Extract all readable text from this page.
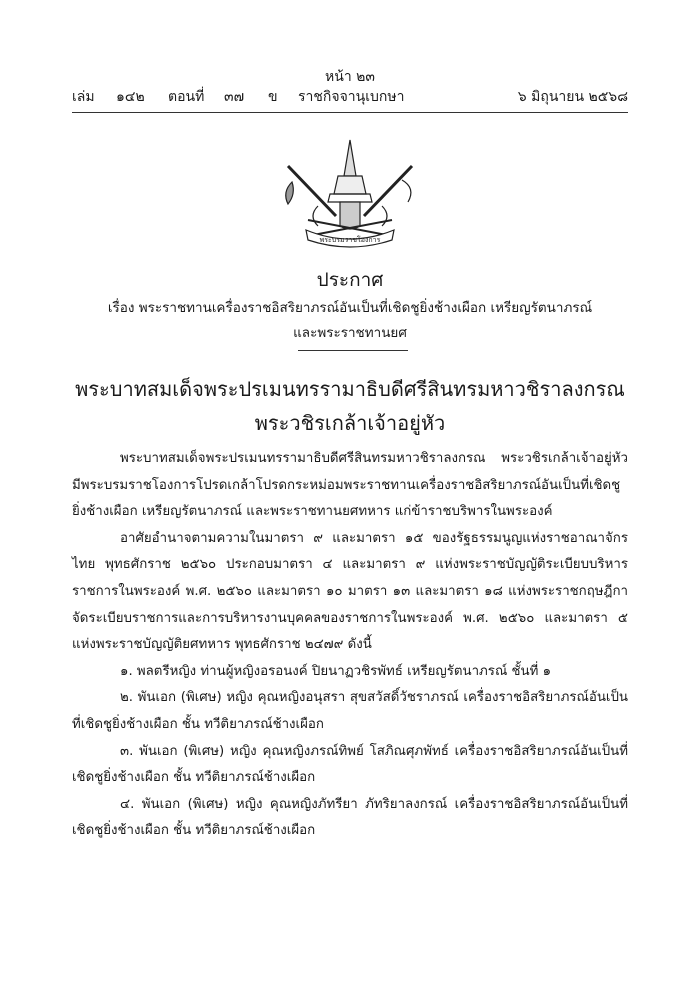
หน้า ๒๓
เล่ม ๑๔๒ ตอนที่ ๓๗ ข ราชกิจจานุเบกษา	๖ มิถุนายน ๒๕๖๘
พระบรมราชโองการ
ประกาศ
เรื่อง พระราชทานเครื่องราชอิสริยาภรณ์อันเป็นที่เชิดชูยิ่งช้างเผือก เหรียญรัตนาภรณ์
และพระราชทานยศ
พระบาทสมเด็จพระปรเมนทรรามาธิบดีศรีสินทรมหาวชิราลงกรณ
พระวชิรเกล้าเจ้าอยู่หัว

พระบาทสมเด็จพระปรเมนทรรามาธิบดีศรีสินทรมหาวชิราลงกรณ พระวชิรเกล้าเจ้าอยู่หัว มีพระบรมราชโองการโปรดเกล้าโปรดกระหม่อมพระราชทานเครื่องราชอิสริยาภรณ์อันเป็นที่เชิดชูยิ่งช้างเผือก เหรียญรัตนาภรณ์ และพระราชทานยศทหาร แก่ข้าราชบริพารในพระองค์

อาศัยอำนาจตามความในมาตรา ๙ และมาตรา ๑๕ ของรัฐธรรมนูญแห่งราชอาณาจักรไทย พุทธศักราช ๒๕๖๐ ประกอบมาตรา ๔ และมาตรา ๙ แห่งพระราชบัญญัติระเบียบบริหารราชการในพระองค์ พ.ศ. ๒๕๖๐ และมาตรา ๑๐ มาตรา ๑๓ และมาตรา ๑๘ แห่งพระราชกฤษฎีกาจัดระเบียบราชการและการบริหารงานบุคคลของราชการในพระองค์ พ.ศ. ๒๕๖๐ และมาตรา ๕ แห่งพระราชบัญญัติยศทหาร พุทธศักราช ๒๔๗๙ ดังนี้

๑. พลตรีหญิง ท่านผู้หญิงอรอนงค์ ปิยนาฏวชิรพัทธ์ เหรียญรัตนาภรณ์ ชั้นที่ ๑

๒. พันเอก (พิเศษ) หญิง คุณหญิงอนุสรา สุขสวัสดิ์วัชราภรณ์ เครื่องราชอิสริยาภรณ์อันเป็นที่เชิดชูยิ่งช้างเผือก ชั้น ทวีติยาภรณ์ช้างเผือก

๓. พันเอก (พิเศษ) หญิง คุณหญิงภรณ์ทิพย์ โสภิณศุภพัทธ์ เครื่องราชอิสริยาภรณ์อันเป็นที่เชิดชูยิ่งช้างเผือก ชั้น ทวีติยาภรณ์ช้างเผือก

๔. พันเอก (พิเศษ) หญิง คุณหญิงภัทรียา ภัทริยาลงกรณ์ เครื่องราชอิสริยาภรณ์อันเป็นที่เชิดชูยิ่งช้างเผือก ชั้น ทวีติยาภรณ์ช้างเผือก
